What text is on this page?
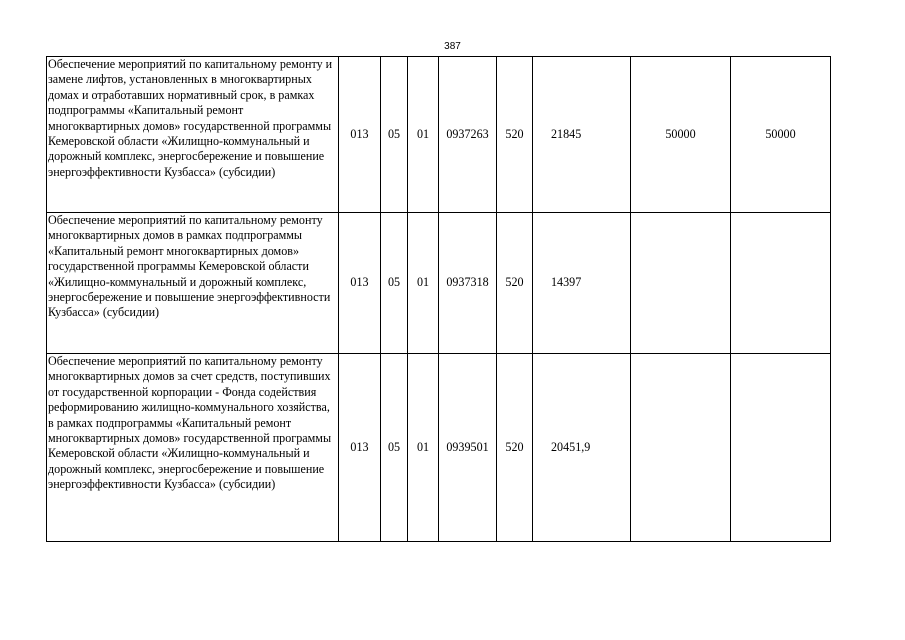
387
Обеспечение мероприятий по капитальному ремонту и замене лифтов, установленных в многоквартирных домах и отработавших нормативный срок, в рамках подпрограммы «Капитальный ремонт многоквартирных домов» государственной программы Кемеровской области «Жилищно-коммунальный и дорожный комплекс, энергосбережение и повышение энергоэффективности Кузбасса» (субсидии)	013	05	01	0937263	520	21845	50000	50000
Обеспечение мероприятий по капитальному ремонту многоквартирных домов в рамках подпрограммы «Капитальный ремонт многоквартирных домов» государственной программы Кемеровской области «Жилищно-коммунальный и дорожный комплекс, энергосбережение и повышение энергоэффективности Кузбасса» (субсидии)	013	05	01	0937318	520	14397		
Обеспечение мероприятий по капитальному ремонту многоквартирных домов за счет средств, поступивших от государственной корпорации - Фонда содействия реформированию жилищно-коммунального хозяйства, в рамках подпрограммы «Капитальный ремонт многоквартирных домов» государственной программы Кемеровской области «Жилищно-коммунальный и дорожный комплекс, энергосбережение и повышение энергоэффективности Кузбасса» (субсидии)	013	05	01	0939501	520	20451,9		
